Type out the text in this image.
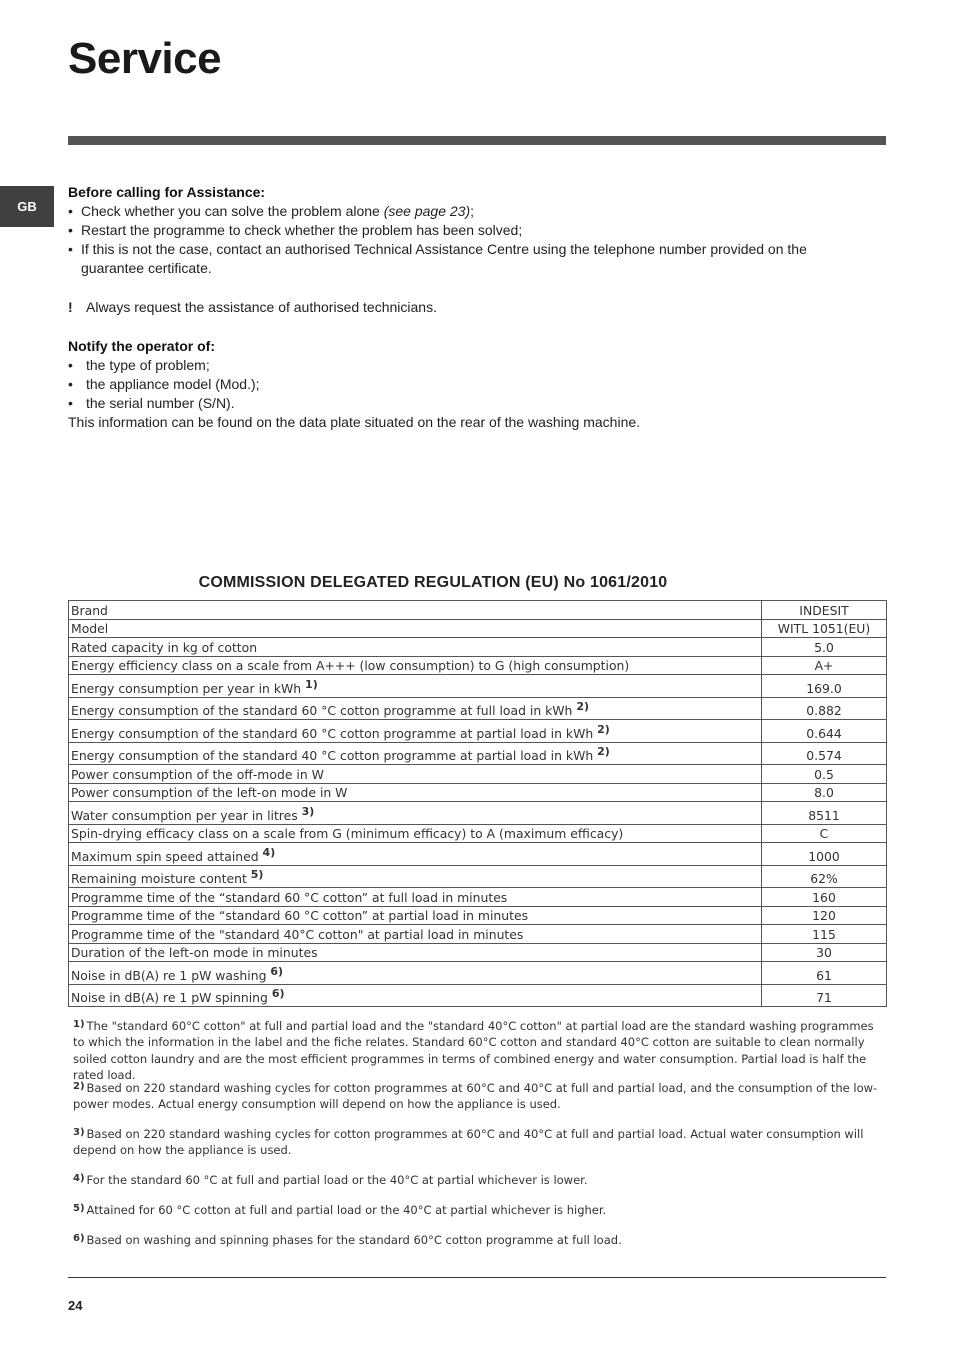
Service
GB
Before calling for Assistance:
• Check whether you can solve the problem alone (see page 23);
• Restart the programme to check whether the problem has been solved;
• If this is not the case, contact an authorised Technical Assistance Centre using the telephone number provided on the guarantee certificate.
! Always request the assistance of authorised technicians.
Notify the operator of:
• the type of problem;
• the appliance model (Mod.);
• the serial number (S/N).
This information can be found on the data plate situated on the rear of the washing machine.
COMMISSION DELEGATED REGULATION (EU) No 1061/2010
Brand	INDESIT
Model	WITL 1051(EU)
Rated capacity in kg of cotton	5.0
Energy efficiency class on a scale from A+++ (low consumption) to G (high consumption)	A+
Energy consumption per year in kWh $^{1)}$	169.0
Energy consumption of the standard 60 °C cotton programme at full load in kWh $^{2)}$	0.882
Energy consumption of the standard 60 °C cotton programme at partial load in kWh $^{2)}$	0.644
Energy consumption of the standard 40 °C cotton programme at partial load in kWh $^{2)}$	0.574
Power consumption of the off-mode in W	0.5
Power consumption of the left-on mode in W	8.0
Water consumption per year in litres $^{3)}$	8511
Spin-drying efficacy class on a scale from G (minimum efficacy) to A (maximum efficacy)	C
Maximum spin speed attained $^{4)}$	1000
Remaining moisture content $^{5)}$	62%
Programme time of the “standard 60 °C cotton” at full load in minutes	160
Programme time of the “standard 60 °C cotton” at partial load in minutes	120
Programme time of the "standard 40°C cotton" at partial load in minutes	115
Duration of the left-on mode in minutes	30
Noise in dB(A) re 1 pW washing $^{6)}$	61
Noise in dB(A) re 1 pW spinning $^{6)}$	71
$^{1)}$ The "standard 60°C cotton" at full and partial load and the "standard 40°C cotton" at partial load are the standard washing programmes to which the information in the label and the fiche relates. Standard 60°C cotton and standard 40°C cotton are suitable to clean normally soiled cotton laundry and are the most efficient programmes in terms of combined energy and water consumption. Partial load is half the rated load.
$^{2)}$ Based on 220 standard washing cycles for cotton programmes at 60°C and 40°C at full and partial load, and the consumption of the low-power modes. Actual energy consumption will depend on how the appliance is used.
$^{3)}$ Based on 220 standard washing cycles for cotton programmes at 60°C and 40°C at full and partial load. Actual water consumption will depend on how the appliance is used.
$^{4)}$ For the standard 60 °C at full and partial load or the 40°C at partial whichever is lower.
$^{5)}$ Attained for 60 °C cotton at full and partial load or the 40°C at partial whichever is higher.
$^{6)}$ Based on washing and spinning phases for the standard 60°C cotton programme at full load.
24
